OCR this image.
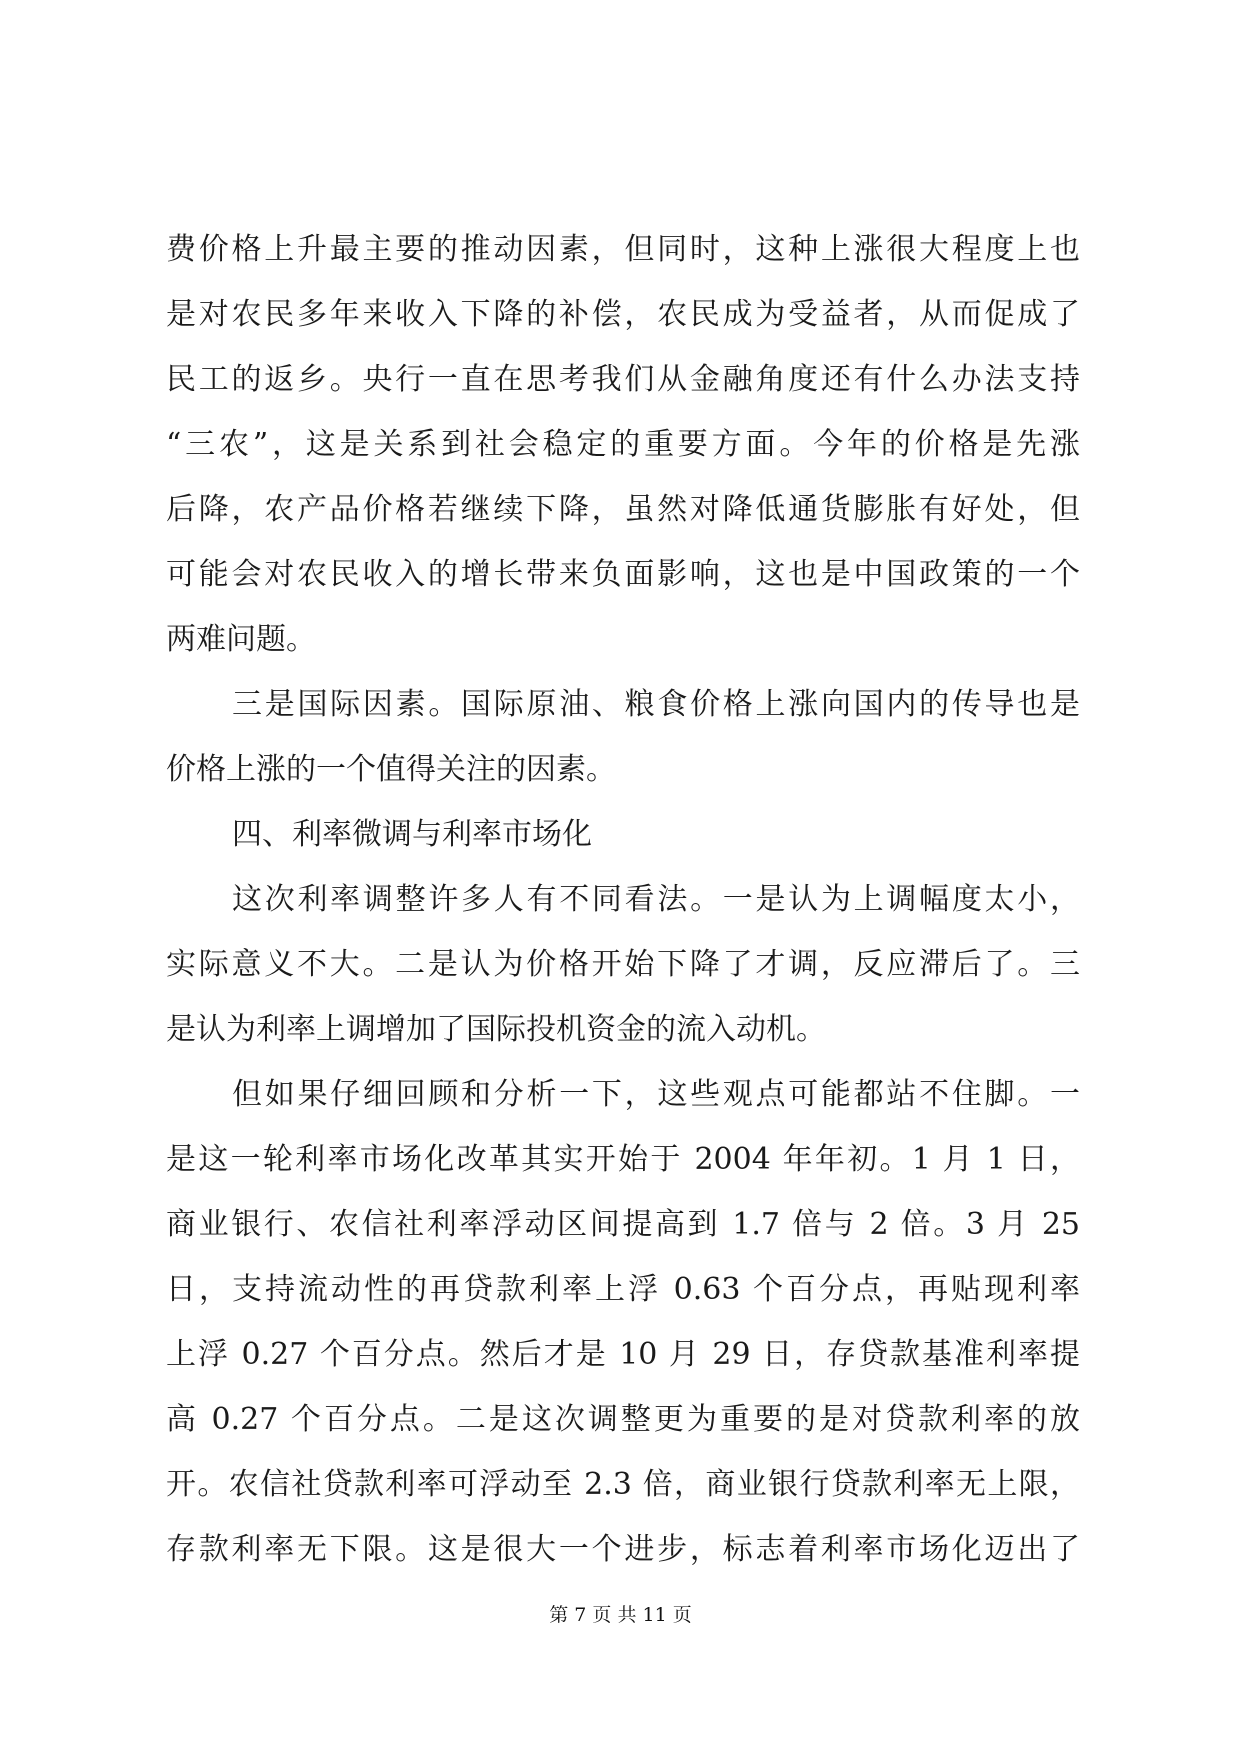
费价格上升最主要的推动因素，但同时，这种上涨很大程度上也
是对农民多年来收入下降的补偿，农民成为受益者，从而促成了
民工的返乡。央行一直在思考我们从金融角度还有什么办法支持
“三农”，这是关系到社会稳定的重要方面。今年的价格是先涨
后降，农产品价格若继续下降，虽然对降低通货膨胀有好处，但
可能会对农民收入的增长带来负面影响，这也是中国政策的一个
两难问题。
三是国际因素。国际原油、粮食价格上涨向国内的传导也是
价格上涨的一个值得关注的因素。
四、利率微调与利率市场化
这次利率调整许多人有不同看法。一是认为上调幅度太小，
实际意义不大。二是认为价格开始下降了才调，反应滞后了。三
是认为利率上调增加了国际投机资金的流入动机。
但如果仔细回顾和分析一下，这些观点可能都站不住脚。一
是这一轮利率市场化改革其实开始于 2004 年年初。1 月 1 日，
商业银行、农信社利率浮动区间提高到 1.7 倍与 2 倍。3 月 25
日，支持流动性的再贷款利率上浮 0.63 个百分点，再贴现利率
上浮 0.27 个百分点。然后才是 10 月 29 日，存贷款基准利率提
高 0.27 个百分点。二是这次调整更为重要的是对贷款利率的放
开。农信社贷款利率可浮动至 2.3 倍，商业银行贷款利率无上限，
存款利率无下限。这是很大一个进步，标志着利率市场化迈出了
第 7 页 共 11 页
